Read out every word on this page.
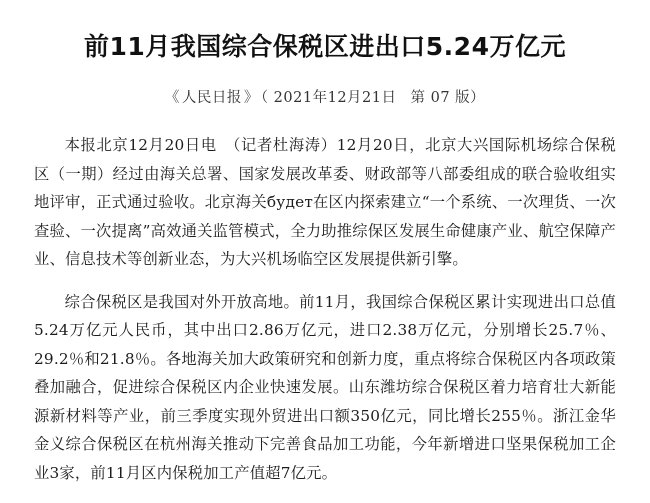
前11月我国综合保税区进出口5.24万亿元
《 人民日报 》 （ 2021年12月21日 第 07 版）

本报北京12月20日电　（记者杜海涛）12月20日，北京大兴国际机场综合保税区（一期）经过由海关总署、国家发展改革委、财政部等八部委组成的联合验收组实地评审，正式通过验收。北京海关будет在区内探索建立“一个系统、一次理货、一次查验、一次提离”高效通关监管模式，全力助推综保区发展生命健康产业、航空保障产业、信息技术等创新业态，为大兴机场临空区发展提供新引擎。

综合保税区是我国对外开放高地。前11月，我国综合保税区累计实现进出口总值5.24万亿元人民币，其中出口2.86万亿元，进口2.38万亿元，分别增长25.7％、29.2％和21.8％。各地海关加大政策研究和创新力度，重点将综合保税区内各项政策叠加融合，促进综合保税区内企业快速发展。山东潍坊综合保税区着力培育壮大新能源新材料等产业，前三季度实现外贸进出口额350亿元，同比增长255％。浙江金华金义综合保税区在杭州海关推动下完善食品加工功能，今年新增进口坚果保税加工企业3家，前11月区内保税加工产值超7亿元。
